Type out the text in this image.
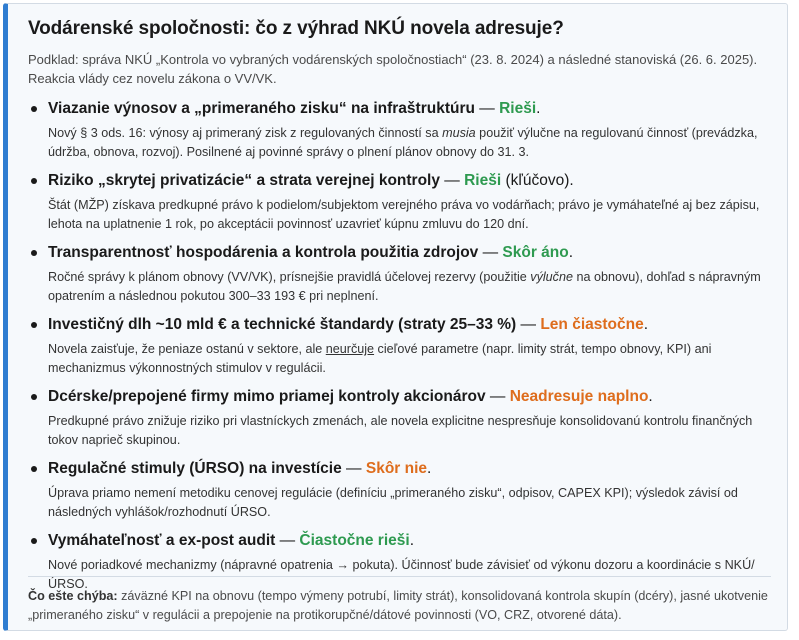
Vodárenské spoločnosti: čo z výhrad NKÚ novela adresuje?
Podklad: správa NKÚ „Kontrola vo vybraných vodárenských spoločnostiach“ (23. 8. 2024) a následné stanoviská (26. 6. 2025). Reakcia vlády cez novelu zákona o VV/VK.
Viazanie výnosov a „primeraného zisku“ na infraštruktúru — Rieši.
Nový § 3 ods. 16: výnosy aj primeraný zisk z regulovaných činností sa musia použiť výlučne na regulovanú činnosť (prevádzka, údržba, obnova, rozvoj). Posilnené aj povinné správy o plnení plánov obnovy do 31. 3.
Riziko „skrytej privatizácie“ a strata verejnej kontroly — Rieši (kľúčovo).
Štát (MŽP) získava predkupné právo k podielom/subjektom verejného práva vo vodárňach; právo je vymáhateľné aj bez zápisu, lehota na uplatnenie 1 rok, po akceptácii povinnosť uzavrieť kúpnu zmluvu do 120 dní.
Transparentnosť hospodárenia a kontrola použitia zdrojov — Skôr áno.
Ročné správy k plánom obnovy (VV/VK), prísnejšie pravidlá účelovej rezervy (použitie výlučne na obnovu), dohľad s nápravným opatrením a následnou pokutou 300–33 193 € pri neplnení.
Investičný dlh ~10 mld € a technické štandardy (straty 25–33 %) — Len čiastočne.
Novela zaisťuje, že peniaze ostanú v sektore, ale neurčuje cieľové parametre (napr. limity strát, tempo obnovy, KPI) ani mechanizmus výkonnostných stimulov v regulácii.
Dcérske/prepojené firmy mimo priamej kontroly akcionárov — Neadresuje naplno.
Predkupné právo znižuje riziko pri vlastníckych zmenách, ale novela explicitne nespresňuje konsolidovanú kontrolu finančných tokov naprieč skupinou.
Regulačné stimuly (ÚRSO) na investície — Skôr nie.
Úprava priamo nemení metodiku cenovej regulácie (definíciu „primeraného zisku“, odpisov, CAPEX KPI); výsledok závisí od následných vyhlášok/rozhodnutí ÚRSO.
Vymáhateľnosť a ex-post audit — Čiastočne rieši.
Nové poriadkové mechanizmy (nápravné opatrenia → pokuta). Účinnosť bude závisieť od výkonu dozoru a koordinácie s NKÚ/ÚRSO.
Čo ešte chýba: záväzné KPI na obnovu (tempo výmeny potrubí, limity strát), konsolidovaná kontrola skupín (dcéry), jasné ukotvenie „primeraného zisku“ v regulácii a prepojenie na protikorupčné/dátové povinnosti (VO, CRZ, otvorené dáta).
